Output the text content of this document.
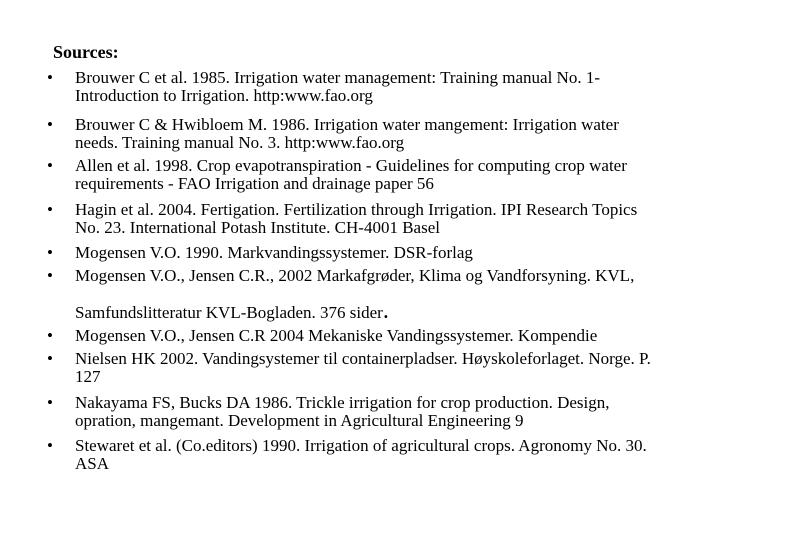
Sources:
• Brouwer C et al. 1985. Irrigation water management: Training manual No. 1-
Introduction to Irrigation. http:www.fao.org
• Brouwer C & Hwibloem M. 1986. Irrigation water mangement: Irrigation water
needs. Training manual No. 3. http:www.fao.org
• Allen et al. 1998. Crop evapotranspiration - Guidelines for computing crop water
requirements - FAO Irrigation and drainage paper 56
• Hagin et al. 2004. Fertigation. Fertilization through Irrigation. IPI Research Topics
No. 23. International Potash Institute. CH-4001 Basel
• Mogensen V.O. 1990. Markvandingssystemer. DSR-forlag
• Mogensen V.O., Jensen C.R., 2002 Markafgrøder, Klima og Vandforsyning. KVL,
Samfundslitteratur KVL-Bogladen. 376 sider.
• Mogensen V.O., Jensen C.R 2004 Mekaniske Vandingssystemer. Kompendie
• Nielsen HK 2002. Vandingsystemer til containerpladser. Høyskoleforlaget. Norge. P.
127
• Nakayama FS, Bucks DA 1986. Trickle irrigation for crop production. Design,
opration, mangemant. Development in Agricultural Engineering 9
• Stewaret et al. (Co.editors) 1990. Irrigation of agricultural crops. Agronomy No. 30.
ASA
